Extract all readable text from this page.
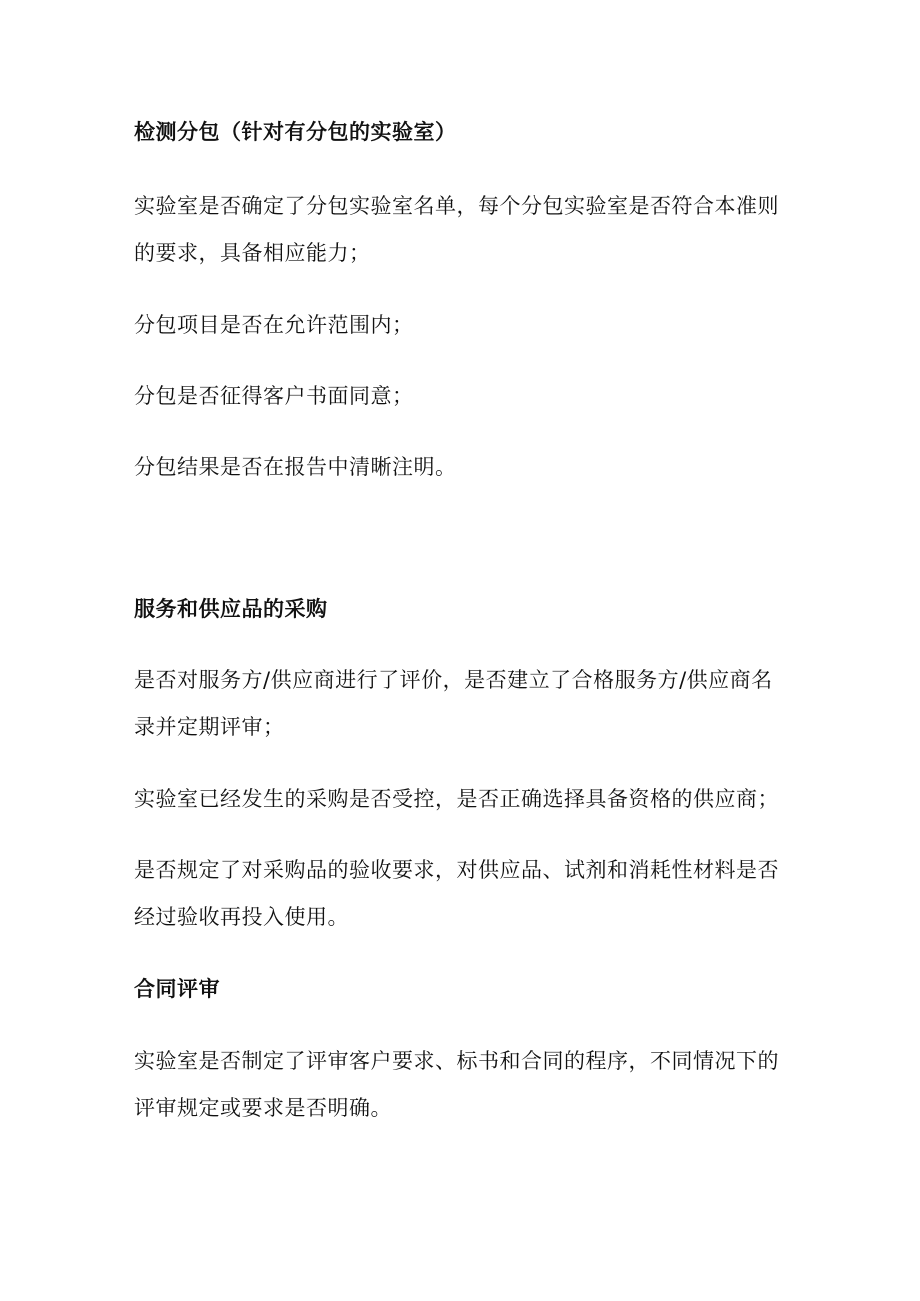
检测分包（针对有分包的实验室）
实验室是否确定了分包实验室名单，每个分包实验室是否符合本准则
的要求，具备相应能力；
分包项目是否在允许范围内；
分包是否征得客户书面同意；
分包结果是否在报告中清晰注明。
服务和供应品的采购
是否对服务方/供应商进行了评价，是否建立了合格服务方/供应商名
录并定期评审；
实验室已经发生的采购是否受控，是否正确选择具备资格的供应商；
是否规定了对采购品的验收要求，对供应品、试剂和消耗性材料是否
经过验收再投入使用。
合同评审
实验室是否制定了评审客户要求、标书和合同的程序，不同情况下的
评审规定或要求是否明确。
